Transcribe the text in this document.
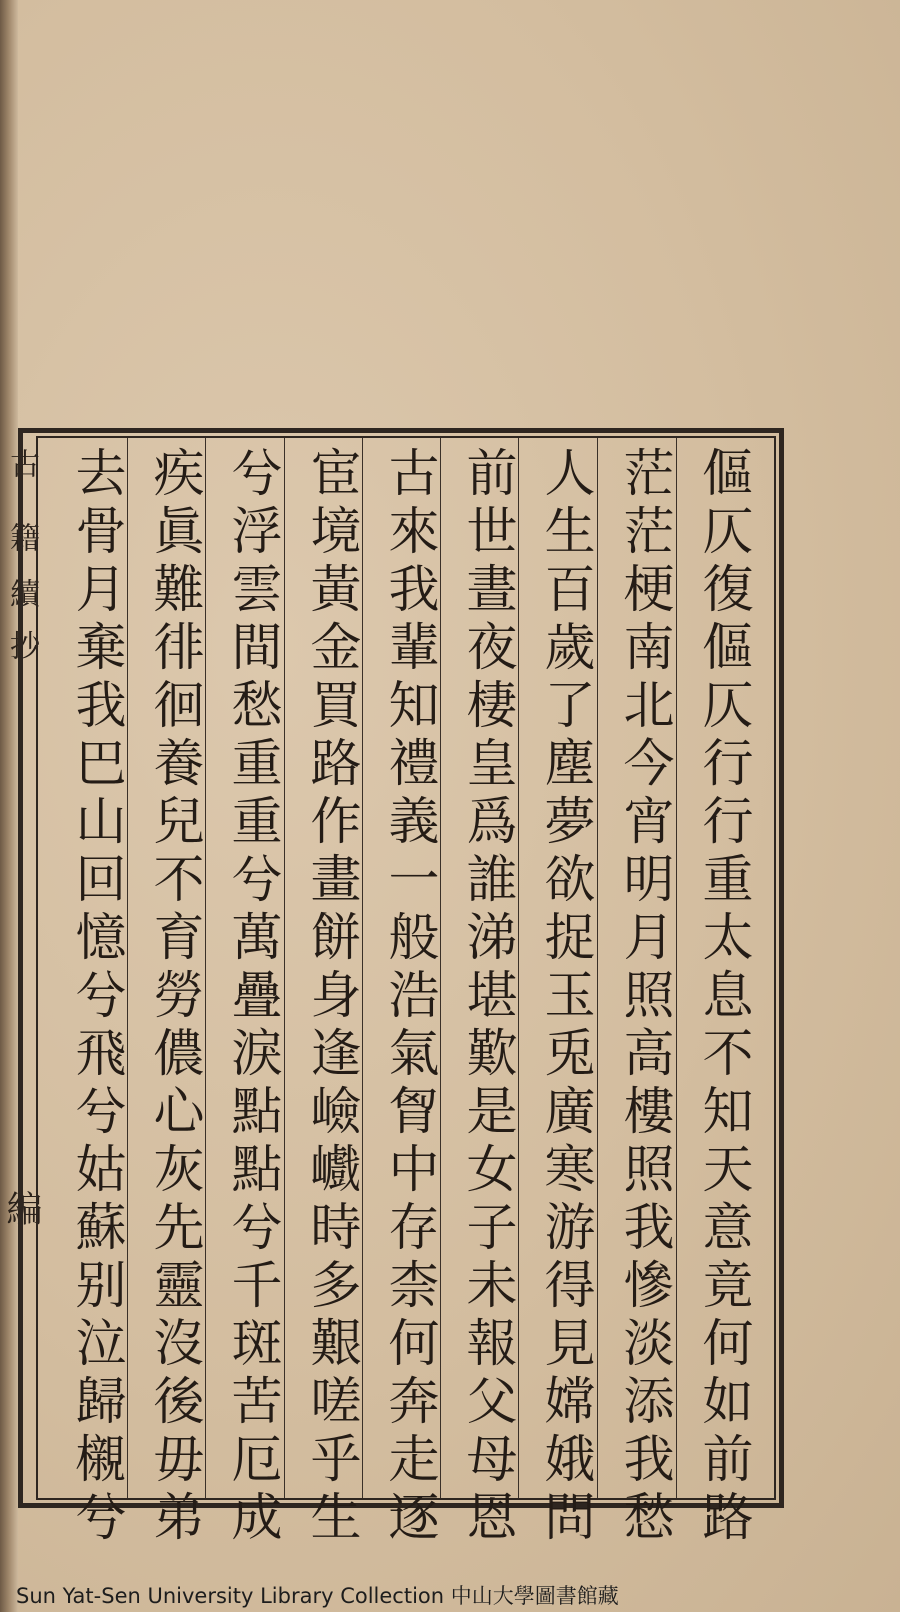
古
籍
續
抄
編	傴仄復傴仄行行重太息不知天意竟何如前路
茫茫梗南北今宵明月照高樓照我慘淡添我愁
人生百歲了塵夢欲捉玉兎廣寒游得見嫦娥問
前世晝夜棲皇爲誰涕堪歎是女子未報父母恩
古來我輩知禮義一般浩氣胷中存柰何奔走逐
宦境黃金買路作畫餅身逢嶮巇時多艱嗟乎生
兮浮雲間愁重重兮萬疊淚點點兮千斑苦厄成
疾眞難徘徊養兒不育勞儂心灰先靈沒後毋弟
去骨月棄我巴山回憶兮飛兮姑蘇别泣歸櫬兮
Sun Yat-Sen University Library Collection 中山大學圖書館藏
